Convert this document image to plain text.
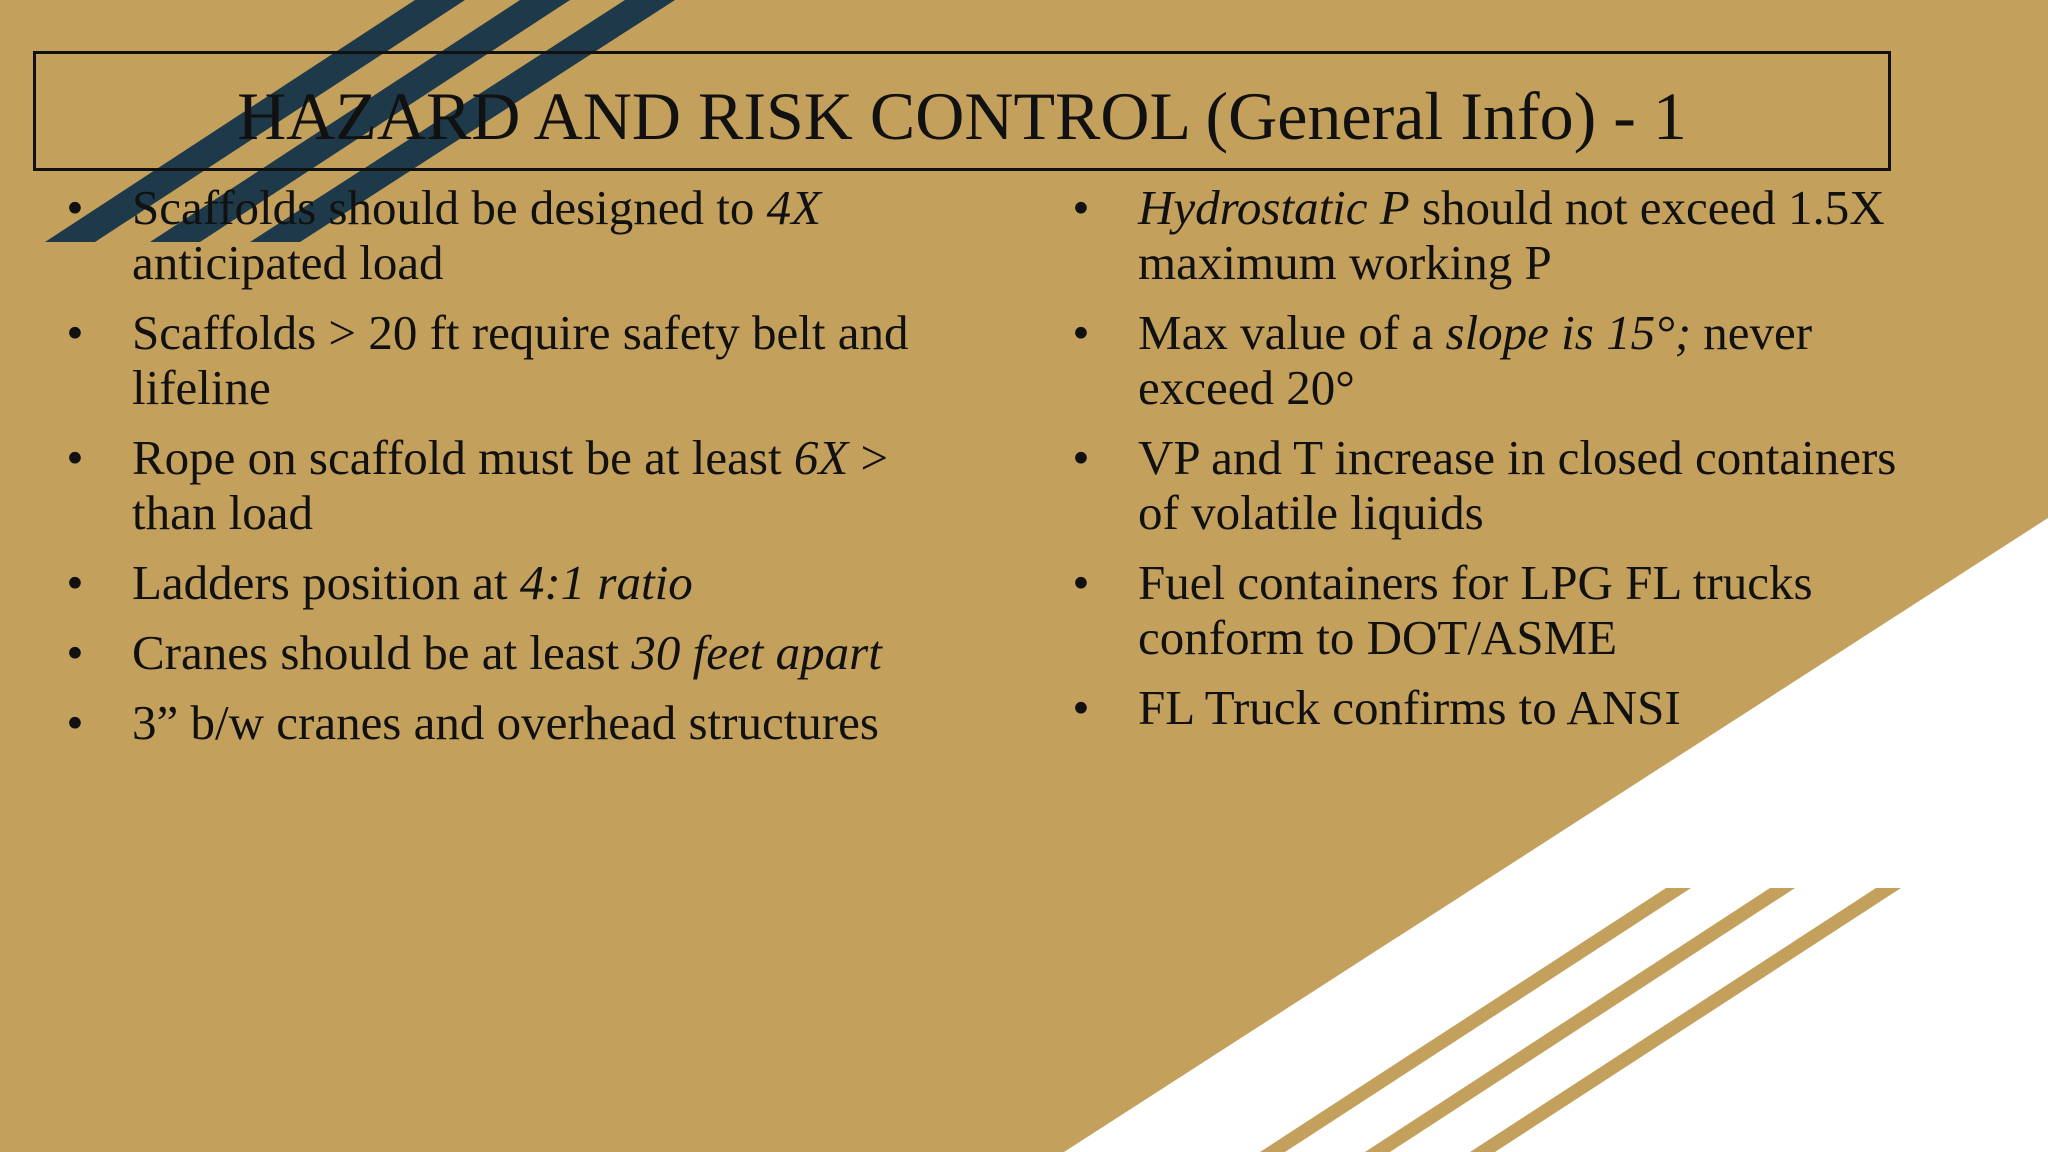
HAZARD AND RISK CONTROL (General Info) - 1
• Scaffolds should be designed to 4X anticipated load
• Scaffolds > 20 ft require safety belt and lifeline
• Rope on scaffold must be at least 6X > than load
• Ladders position at 4:1 ratio
• Cranes should be at least 30 feet apart
• 3” b/w cranes and overhead structures
• Hydrostatic P should not exceed 1.5X maximum working P
• Max value of a slope is 15°; never exceed 20°
• VP and T increase in closed containers of volatile liquids
• Fuel containers for LPG FL trucks conform to DOT/ASME
• FL Truck confirms to ANSI
